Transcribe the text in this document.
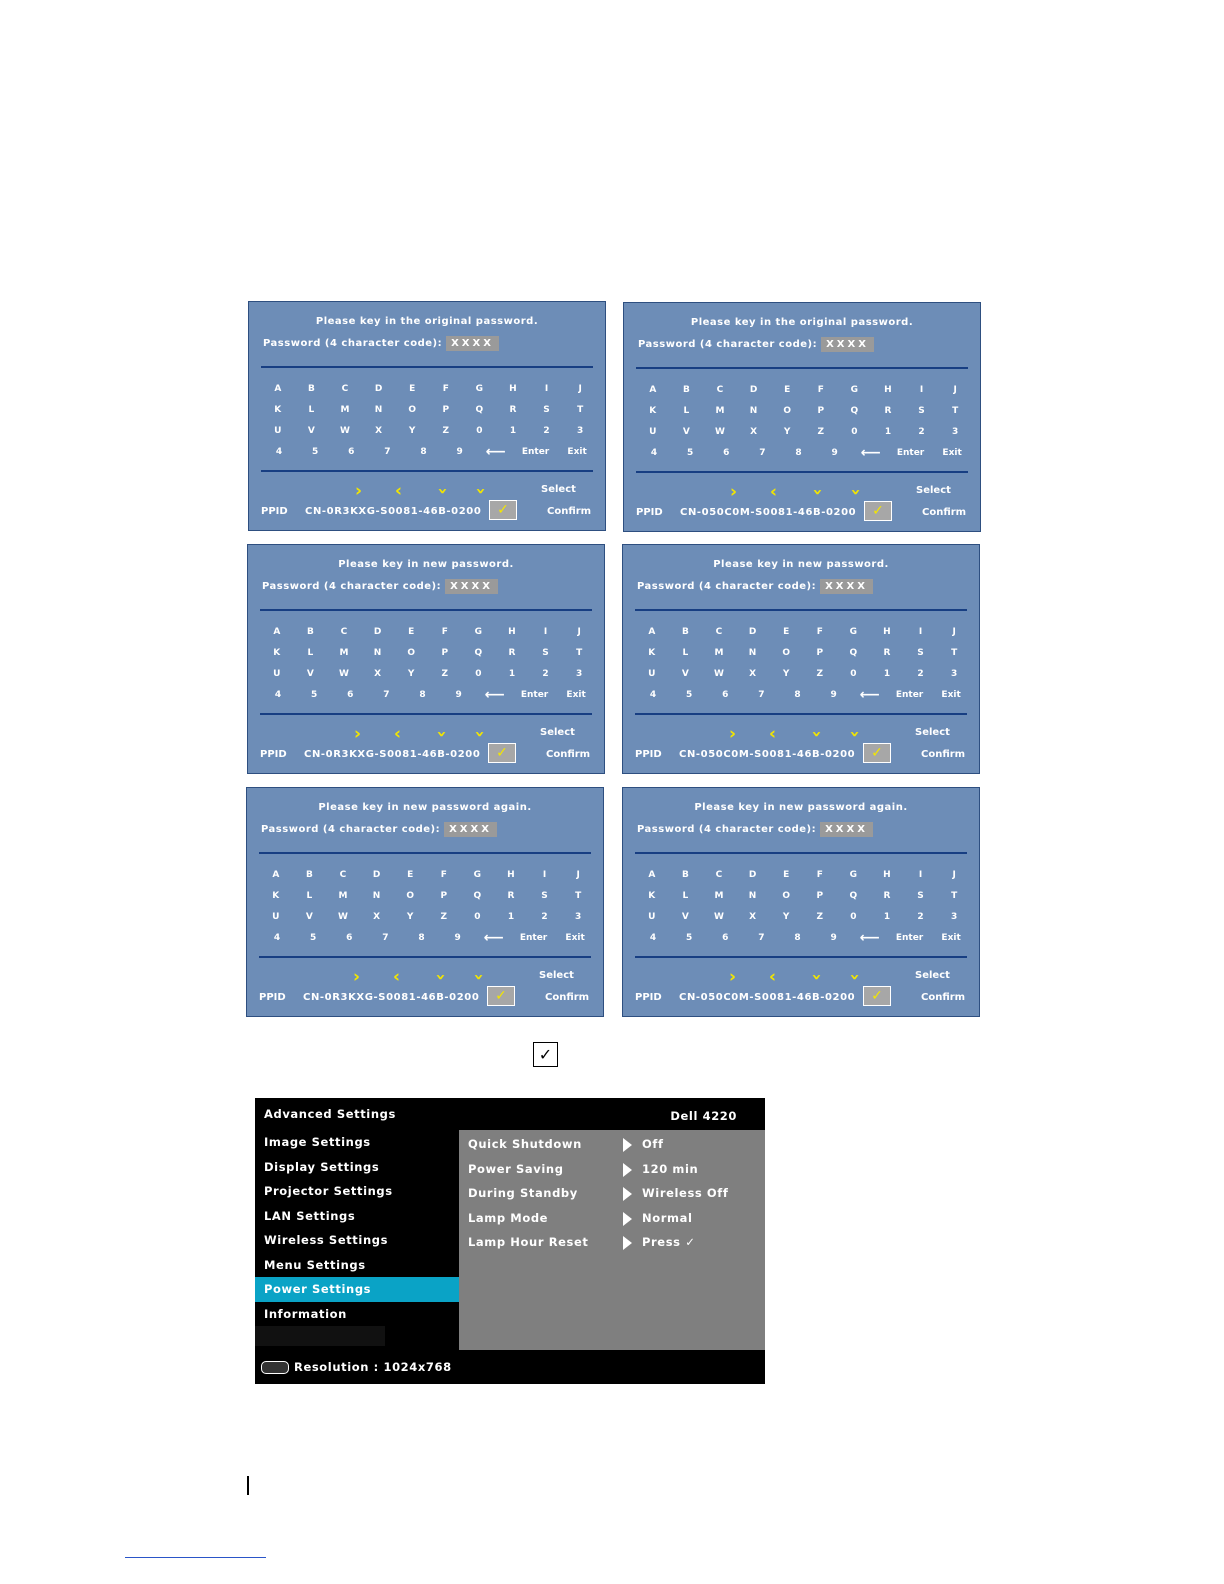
Please key in the original password.
Password (4 character code): XXXX
A	B	C	D	E	F	G	H	I	J
K	L	M	N	O	P	Q	R	S	T
U	V	W	X	Y	Z	0	1	2	3
4	5	6	7	8	9	⟵	Enter	Exit
› ‹ › ‹	Select
PPID CN-0R3KXG-S0081-46B-0200	✓	Confirm
Please key in the original password.
Password (4 character code): XXXX
A	B	C	D	E	F	G	H	I	J
K	L	M	N	O	P	Q	R	S	T
U	V	W	X	Y	Z	0	1	2	3
4	5	6	7	8	9	⟵	Enter	Exit
› ‹ › ‹	Select
PPID CN-050C0M-S0081-46B-0200	✓	Confirm
Please key in new password.
Password (4 character code): XXXX
A	B	C	D	E	F	G	H	I	J
K	L	M	N	O	P	Q	R	S	T
U	V	W	X	Y	Z	0	1	2	3
4	5	6	7	8	9	⟵	Enter	Exit
› ‹ › ‹	Select
PPID CN-0R3KXG-S0081-46B-0200	✓	Confirm
Please key in new password.
Password (4 character code): XXXX
A	B	C	D	E	F	G	H	I	J
K	L	M	N	O	P	Q	R	S	T
U	V	W	X	Y	Z	0	1	2	3
4	5	6	7	8	9	⟵	Enter	Exit
› ‹ › ‹	Select
PPID CN-050C0M-S0081-46B-0200	✓	Confirm
Please key in new password again.
Password (4 character code): XXXX
A	B	C	D	E	F	G	H	I	J
K	L	M	N	O	P	Q	R	S	T
U	V	W	X	Y	Z	0	1	2	3
4	5	6	7	8	9	⟵	Enter	Exit
› ‹ › ‹	Select
PPID CN-0R3KXG-S0081-46B-0200	✓	Confirm
Please key in new password again.
Password (4 character code): XXXX
A	B	C	D	E	F	G	H	I	J
K	L	M	N	O	P	Q	R	S	T
U	V	W	X	Y	Z	0	1	2	3
4	5	6	7	8	9	⟵	Enter	Exit
› ‹ › ‹	Select
PPID CN-050C0M-S0081-46B-0200	✓	Confirm
✓
Advanced Settings	Dell 4220
Image Settings
Display Settings
Projector Settings
LAN Settings
Wireless Settings
Menu Settings
Power Settings
Information
Quick Shutdown	Off
Power Saving	120 min
During Standby	Wireless Off
Lamp Mode	Normal
Lamp Hour Reset	Press ✓
Resolution : 1024x768
